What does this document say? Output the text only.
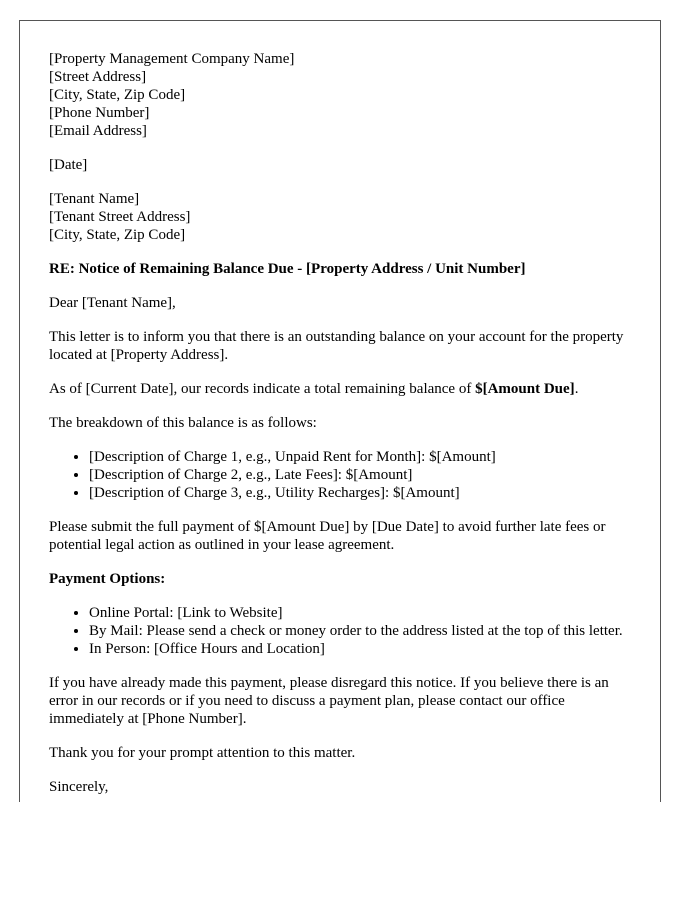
[Property Management Company Name]
[Street Address]
[City, State, Zip Code]
[Phone Number]
[Email Address]

[Date]

[Tenant Name]
[Tenant Street Address]
[City, State, Zip Code]

RE: Notice of Remaining Balance Due - [Property Address / Unit Number]

Dear [Tenant Name],

This letter is to inform you that there is an outstanding balance on your account for the property located at [Property Address].

As of [Current Date], our records indicate a total remaining balance of $[Amount Due].

The breakdown of this balance is as follows:

• [Description of Charge 1, e.g., Unpaid Rent for Month]: $[Amount]
• [Description of Charge 2, e.g., Late Fees]: $[Amount]
• [Description of Charge 3, e.g., Utility Recharges]: $[Amount]

Please submit the full payment of $[Amount Due] by [Due Date] to avoid further late fees or potential legal action as outlined in your lease agreement.

Payment Options:

• Online Portal: [Link to Website]
• By Mail: Please send a check or money order to the address listed at the top of this letter.
• In Person: [Office Hours and Location]

If you have already made this payment, please disregard this notice. If you believe there is an error in our records or if you need to discuss a payment plan, please contact our office immediately at [Phone Number].

Thank you for your prompt attention to this matter.

Sincerely,
